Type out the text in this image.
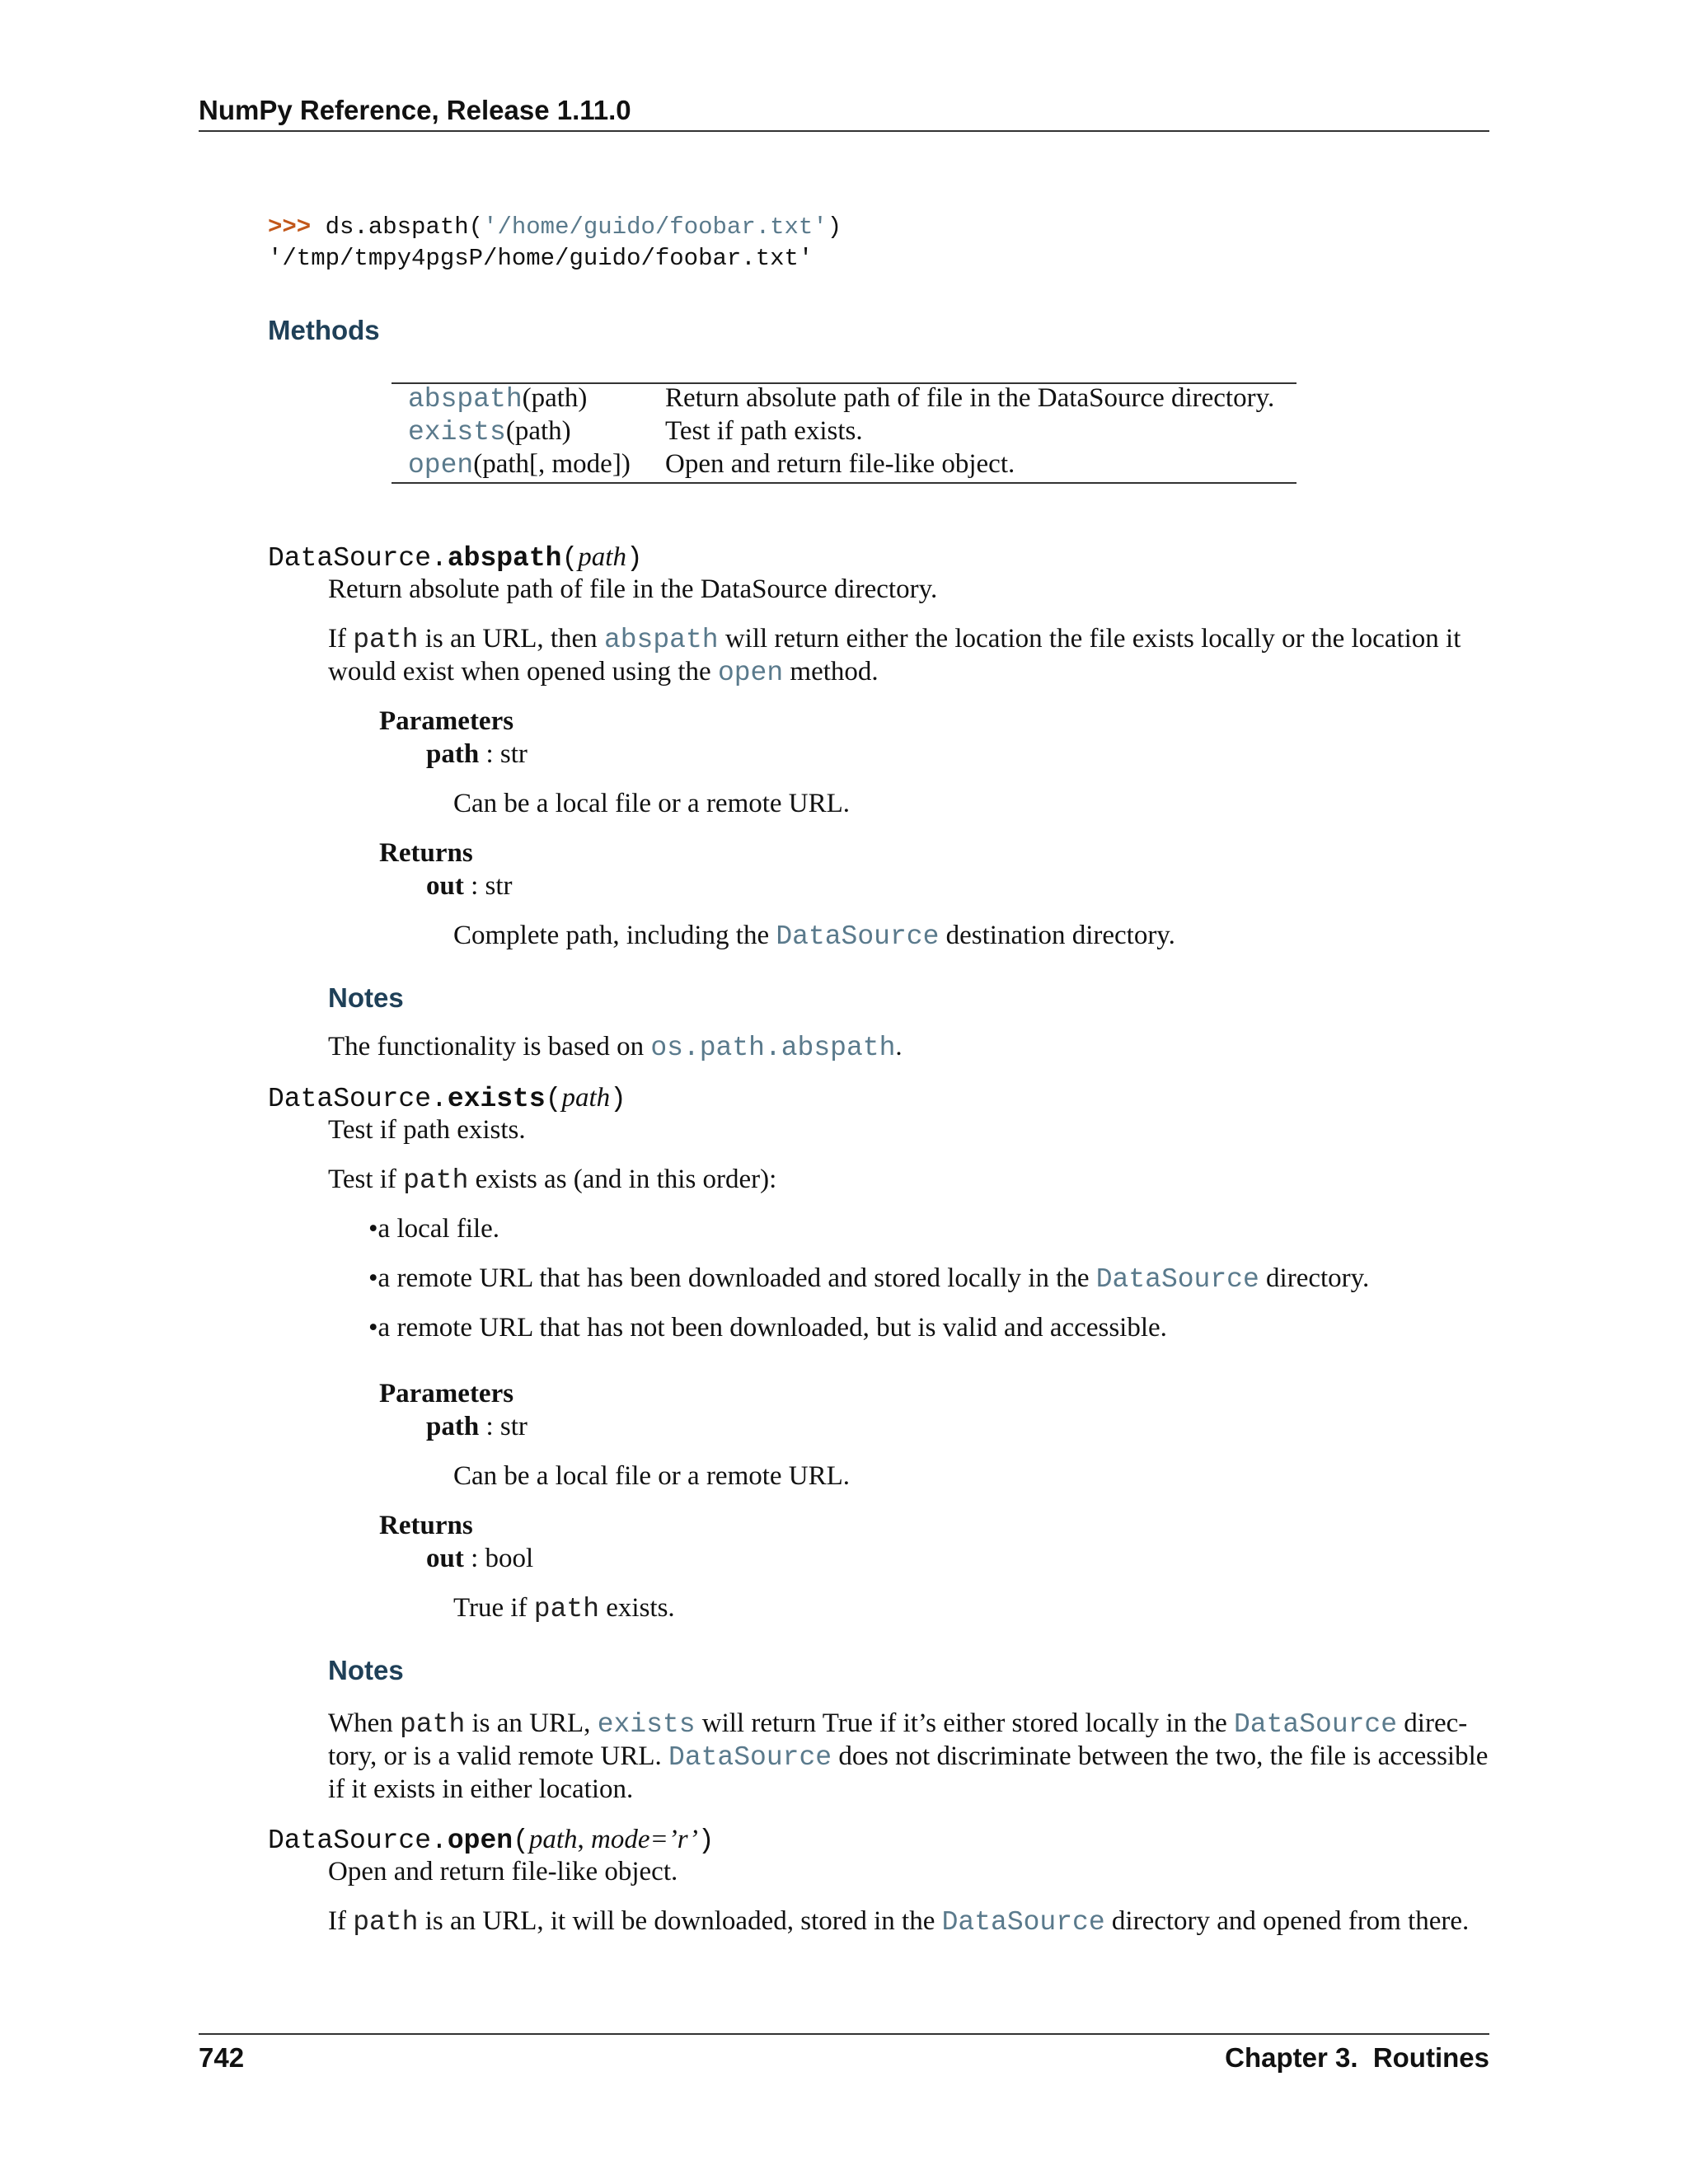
NumPy Reference, Release 1.11.0
>>> ds.abspath('/home/guido/foobar.txt')
'/tmp/tmpy4pgsP/home/guido/foobar.txt'
Methods
abspath(path)	Return absolute path of file in the DataSource directory.
exists(path)	Test if path exists.
open(path[, mode]) Open and return file-like object.
DataSource.abspath(path)
Return absolute path of file in the DataSource directory.
If path is an URL, then abspath will return either the location the file exists locally or the location it
would exist when opened using the open method.
Parameters
path : str
Can be a local file or a remote URL.
Returns
out : str
Complete path, including the DataSource destination directory.
Notes
The functionality is based on os.path.abspath.
DataSource.exists(path)
Test if path exists.
Test if path exists as (and in this order):
•a local file.
•a remote URL that has been downloaded and stored locally in the DataSource directory.
•a remote URL that has not been downloaded, but is valid and accessible.
Parameters
path : str
Can be a local file or a remote URL.
Returns
out : bool
True if path exists.
Notes
When path is an URL, exists will return True if it’s either stored locally in the DataSource direc-
tory, or is a valid remote URL. DataSource does not discriminate between the two, the file is accessible
if it exists in either location.
DataSource.open(path, mode=’r’)
Open and return file-like object.
If path is an URL, it will be downloaded, stored in the DataSource directory and opened from there.
742	Chapter 3.  Routines
